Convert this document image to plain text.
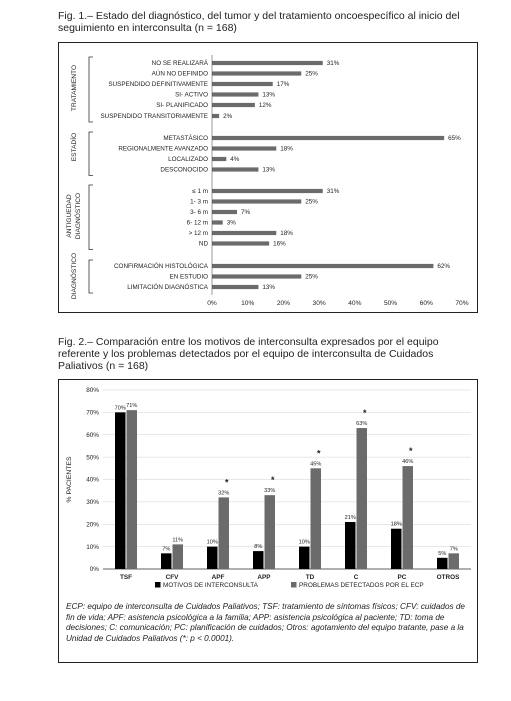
Fig. 1.– Estado del diagnóstico, del tumor y del tratamiento oncoespecífico al inicio del seguimiento en interconsulta (n = 168)
TRATAMIENTO
NO SE REALIZARÁ	31%
AÚN NO DEFINIDO	25%
SUSPENDIDO DEFINITIVAMENTE	17%
SI- ACTIVO	13%
SI- PLANIFICADO	12%
SUSPENDIDO TRANSITORIAMENTE 2%
ESTADÍO	METASTÁSICO	65%
REGIONALMENTE AVANZADO	18%
LOCALIZADO	4%
DESCONOCIDO	13%
ANTIGUEDAD DIAGNÓSTICO
≤ 1 m	31%
1- 3 m	25%
3- 6 m	7%
6- 12 m	3%
> 12 m	18%
ND	16%
DIAGNÓSTICO	CONFIRMACIÓN HISTOLÓGICA	62%
EN ESTUDIO	25%
LIMITACIÓN DIAGNÓSTICA	13%
0%	10%	20%	30%	40%	50%	60%	70%
Fig. 2.– Comparación entre los motivos de interconsulta expresados por el equipo referente y los problemas detectados por el equipo de interconsulta de Cuidados Paliativos (n = 168)
0%
10%
20%
30%
40%
50%
60%
70%
80%
% PACIENTES
70% 71%
TSF
7%
11%
CFV
10%
32%
*
APF
8%
33%
*
APP
10%
45%
*
TD
21%
63%
*
C
18%
46%
*
PC
5%
7%
OTROS
MOTIVOS DE INTERCONSULTA	PROBLEMAS DETECTADOS POR EL ECP
ECP: equipo de interconsulta de Cuidados Paliativos; TSF: tratamiento de síntomas físicos; CFV: cuidados de fin de vida; APF: asistencia psicológica a la familia; APP: asistencia psicológica al paciente; TD: toma de decisiones; C: comunicación; PC: planificación de cuidados; Otros: agotamiento del equipo tratante, pase a la Unidad de Cuidados Paliativos (*: p < 0.0001).
